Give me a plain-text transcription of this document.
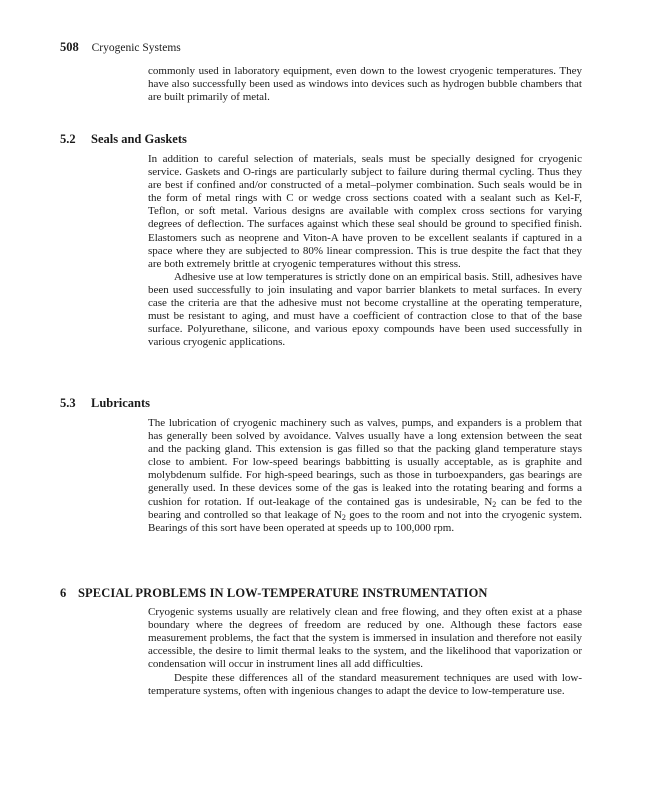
508 Cryogenic Systems

commonly used in laboratory equipment, even down to the lowest cryogenic temperatures. They have also successfully been used as windows into devices such as hydrogen bubble chambers that are built primarily of metal.

5.2 Seals and Gaskets

In addition to careful selection of materials, seals must be specially designed for cryogenic service. Gaskets and O-rings are particularly subject to failure during thermal cycling. Thus they are best if confined and/or constructed of a metal–polymer combination. Such seals would be in the form of metal rings with C or wedge cross sections coated with a sealant such as Kel-F, Teflon, or soft metal. Various designs are available with complex cross sections for varying degrees of deflection. The surfaces against which these seal should be ground to specified finish. Elastomers such as neoprene and Viton-A have proven to be excellent sealants if captured in a space where they are subjected to 80% linear compression. This is true despite the fact that they are both extremely brittle at cryogenic temperatures without this stress.

Adhesive use at low temperatures is strictly done on an empirical basis. Still, adhesives have been used successfully to join insulating and vapor barrier blankets to metal surfaces. In every case the criteria are that the adhesive must not become crystalline at the operating temperature, must be resistant to aging, and must have a coefficient of contraction close to that of the base surface. Polyurethane, silicone, and various epoxy compounds have been used successfully in various cryogenic applications.

5.3 Lubricants

The lubrication of cryogenic machinery such as valves, pumps, and expanders is a problem that has generally been solved by avoidance. Valves usually have a long extension between the seat and the packing gland. This extension is gas filled so that the packing gland temperature stays close to ambient. For low-speed bearings babbitting is usually acceptable, as is graphite and molybdenum sulfide. For high-speed bearings, such as those in turboexpanders, gas bearings are generally used. In these devices some of the gas is leaked into the rotating bearing and forms a cushion for rotation. If out-leakage of the contained gas is undesirable, $N_2$ can be fed to the bearing and controlled so that leakage of $N_2$ goes to the room and not into the cryogenic system. Bearings of this sort have been operated at speeds up to 100,000 rpm.

6 SPECIAL PROBLEMS IN LOW-TEMPERATURE INSTRUMENTATION

Cryogenic systems usually are relatively clean and free flowing, and they often exist at a phase boundary where the degrees of freedom are reduced by one. Although these factors ease measurement problems, the fact that the system is immersed in insulation and therefore not easily accessible, the desire to limit thermal leaks to the system, and the likelihood that vaporization or condensation will occur in instrument lines all add difficulties.

Despite these differences all of the standard measurement techniques are used with low-temperature systems, often with ingenious changes to adapt the device to low-temperature use.
